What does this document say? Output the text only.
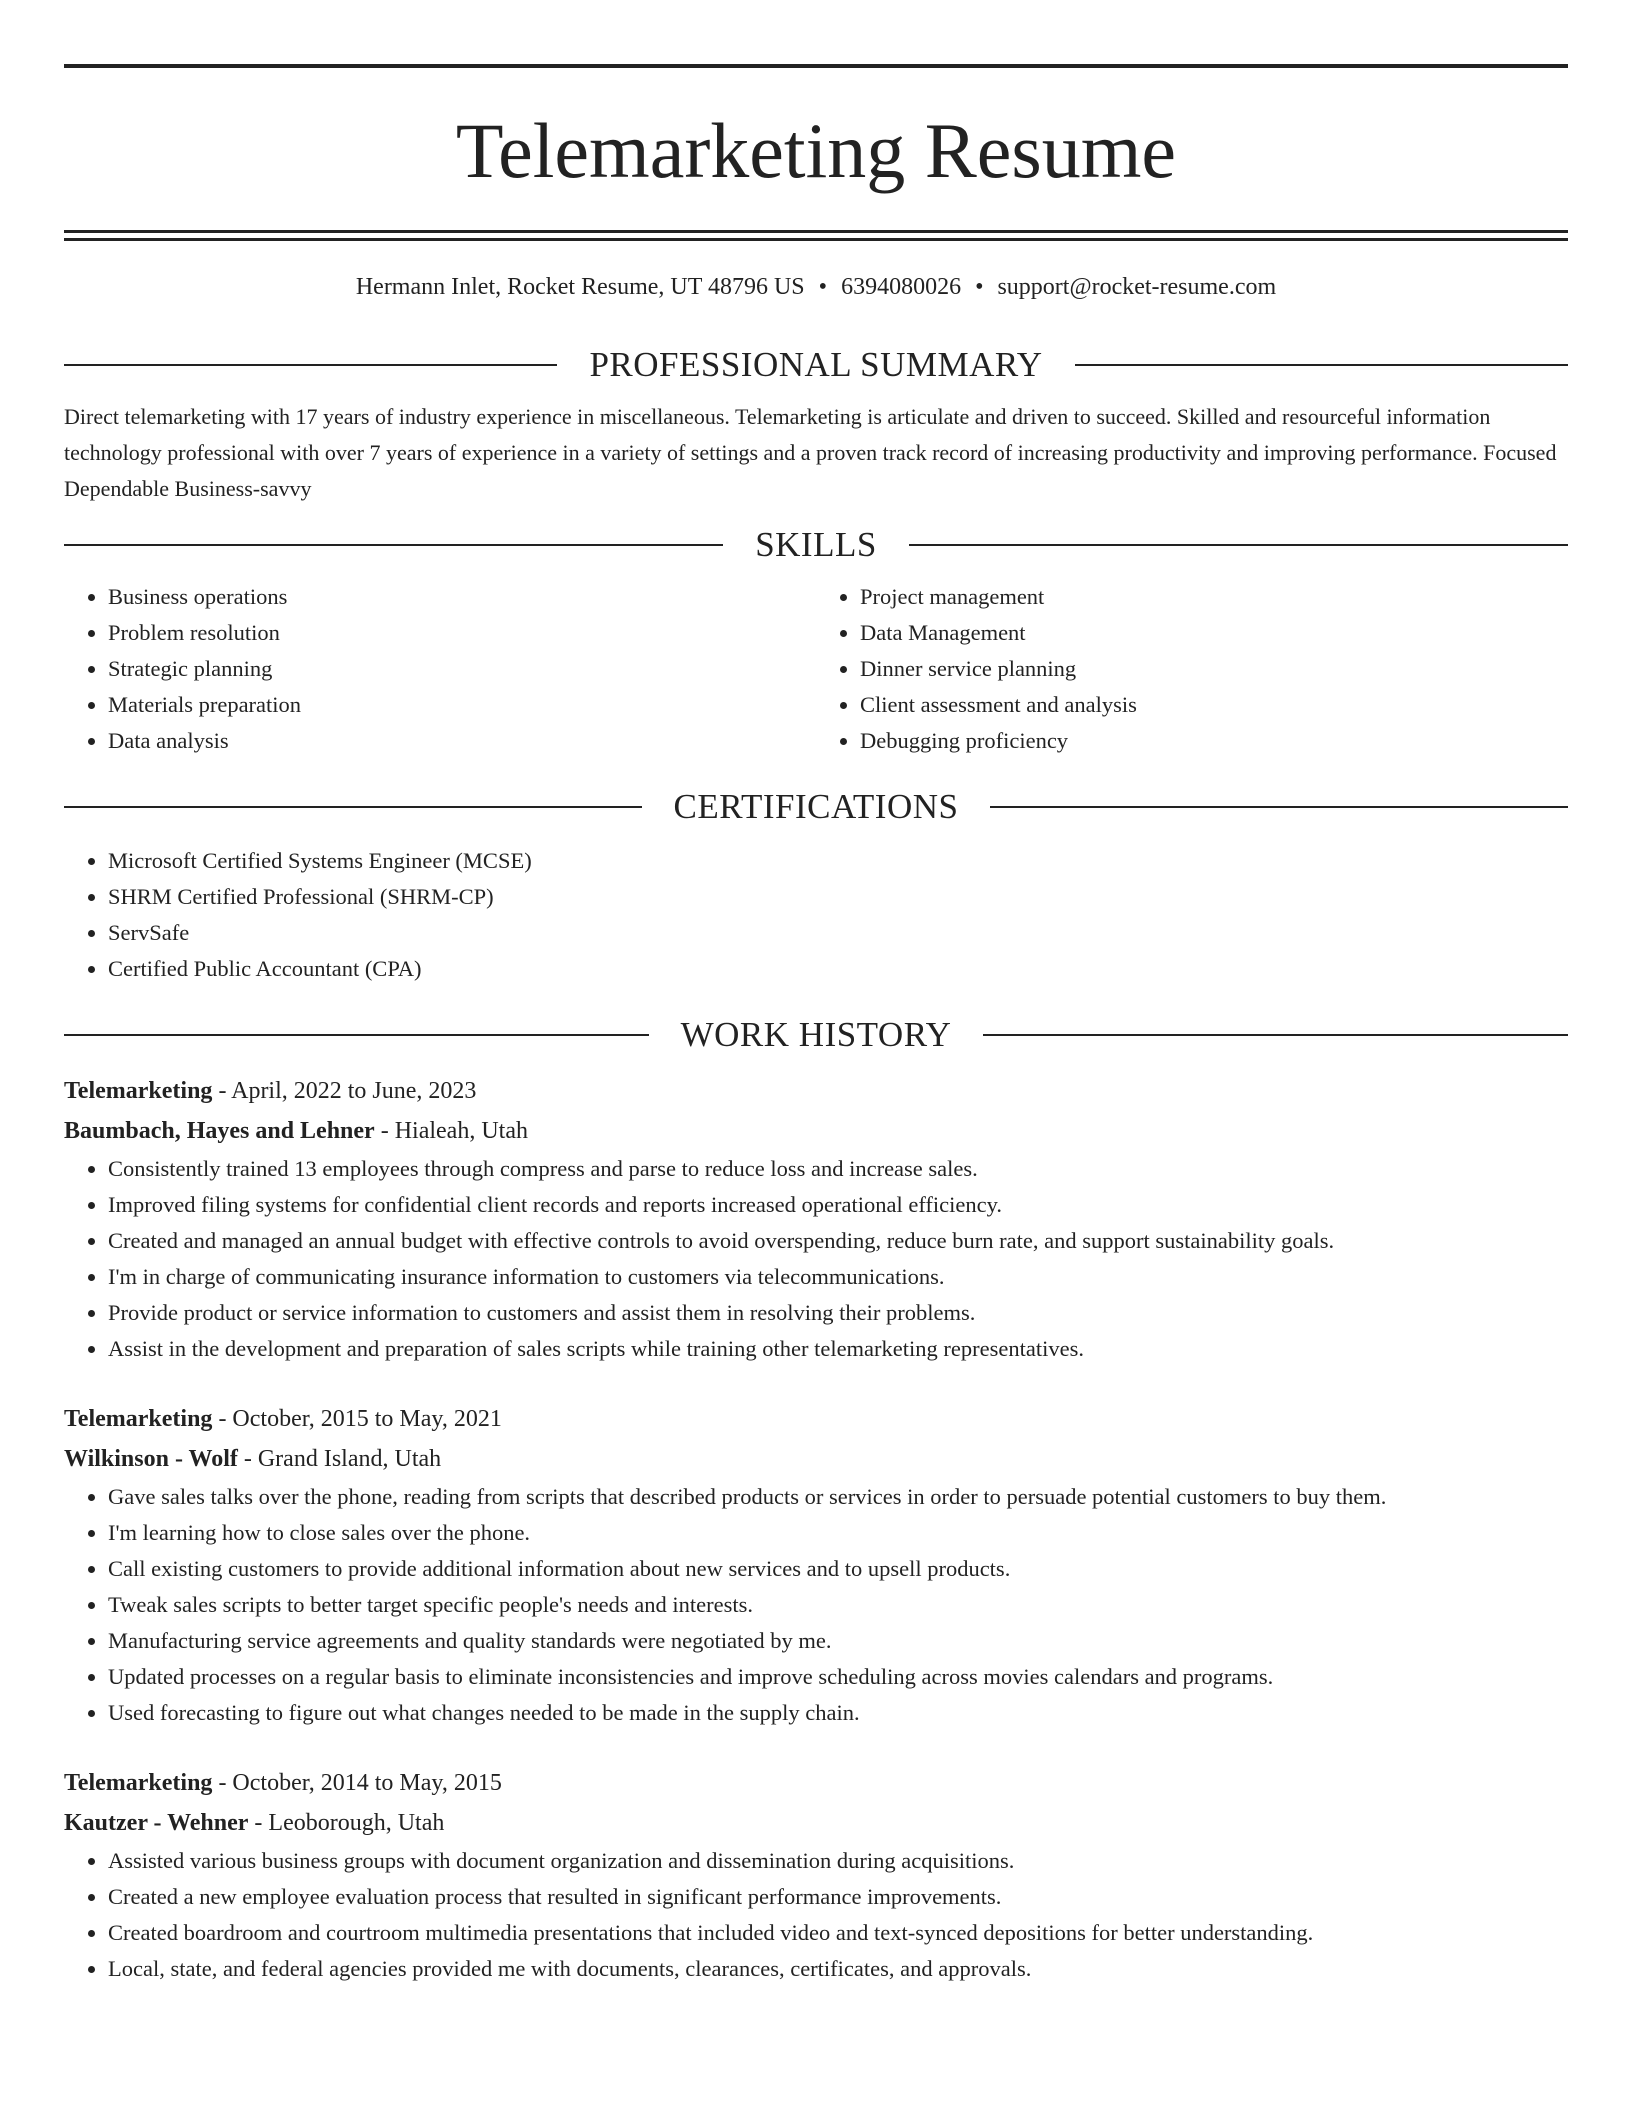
Telemarketing Resume
Hermann Inlet, Rocket Resume, UT 48796 US • 6394080026 • support@rocket-resume.com
PROFESSIONAL SUMMARY

Direct telemarketing with 17 years of industry experience in miscellaneous. Telemarketing is articulate and driven to succeed. Skilled and resourceful information technology professional with over 7 years of experience in a variety of settings and a proven track record of increasing productivity and improving performance. Focused Dependable Business-savvy

SKILLS
• Business operations
• Problem resolution
• Strategic planning
• Materials preparation
• Data analysis
• Project management
• Data Management
• Dinner service planning
• Client assessment and analysis
• Debugging proficiency
CERTIFICATIONS
• Microsoft Certified Systems Engineer (MCSE)
• SHRM Certified Professional (SHRM-CP)
• ServSafe
• Certified Public Accountant (CPA)
WORK HISTORY
Telemarketing - April, 2022 to June, 2023
Baumbach, Hayes and Lehner - Hialeah, Utah
• Consistently trained 13 employees through compress and parse to reduce loss and increase sales.
• Improved filing systems for confidential client records and reports increased operational efficiency.
• Created and managed an annual budget with effective controls to avoid overspending, reduce burn rate, and support sustainability goals.
• I'm in charge of communicating insurance information to customers via telecommunications.
• Provide product or service information to customers and assist them in resolving their problems.
• Assist in the development and preparation of sales scripts while training other telemarketing representatives.
Telemarketing - October, 2015 to May, 2021
Wilkinson - Wolf - Grand Island, Utah
• Gave sales talks over the phone, reading from scripts that described products or services in order to persuade potential customers to buy them.
• I'm learning how to close sales over the phone.
• Call existing customers to provide additional information about new services and to upsell products.
• Tweak sales scripts to better target specific people's needs and interests.
• Manufacturing service agreements and quality standards were negotiated by me.
• Updated processes on a regular basis to eliminate inconsistencies and improve scheduling across movies calendars and programs.
• Used forecasting to figure out what changes needed to be made in the supply chain.
Telemarketing - October, 2014 to May, 2015
Kautzer - Wehner - Leoborough, Utah
• Assisted various business groups with document organization and dissemination during acquisitions.
• Created a new employee evaluation process that resulted in significant performance improvements.
• Created boardroom and courtroom multimedia presentations that included video and text-synced depositions for better understanding.
• Local, state, and federal agencies provided me with documents, clearances, certificates, and approvals.
